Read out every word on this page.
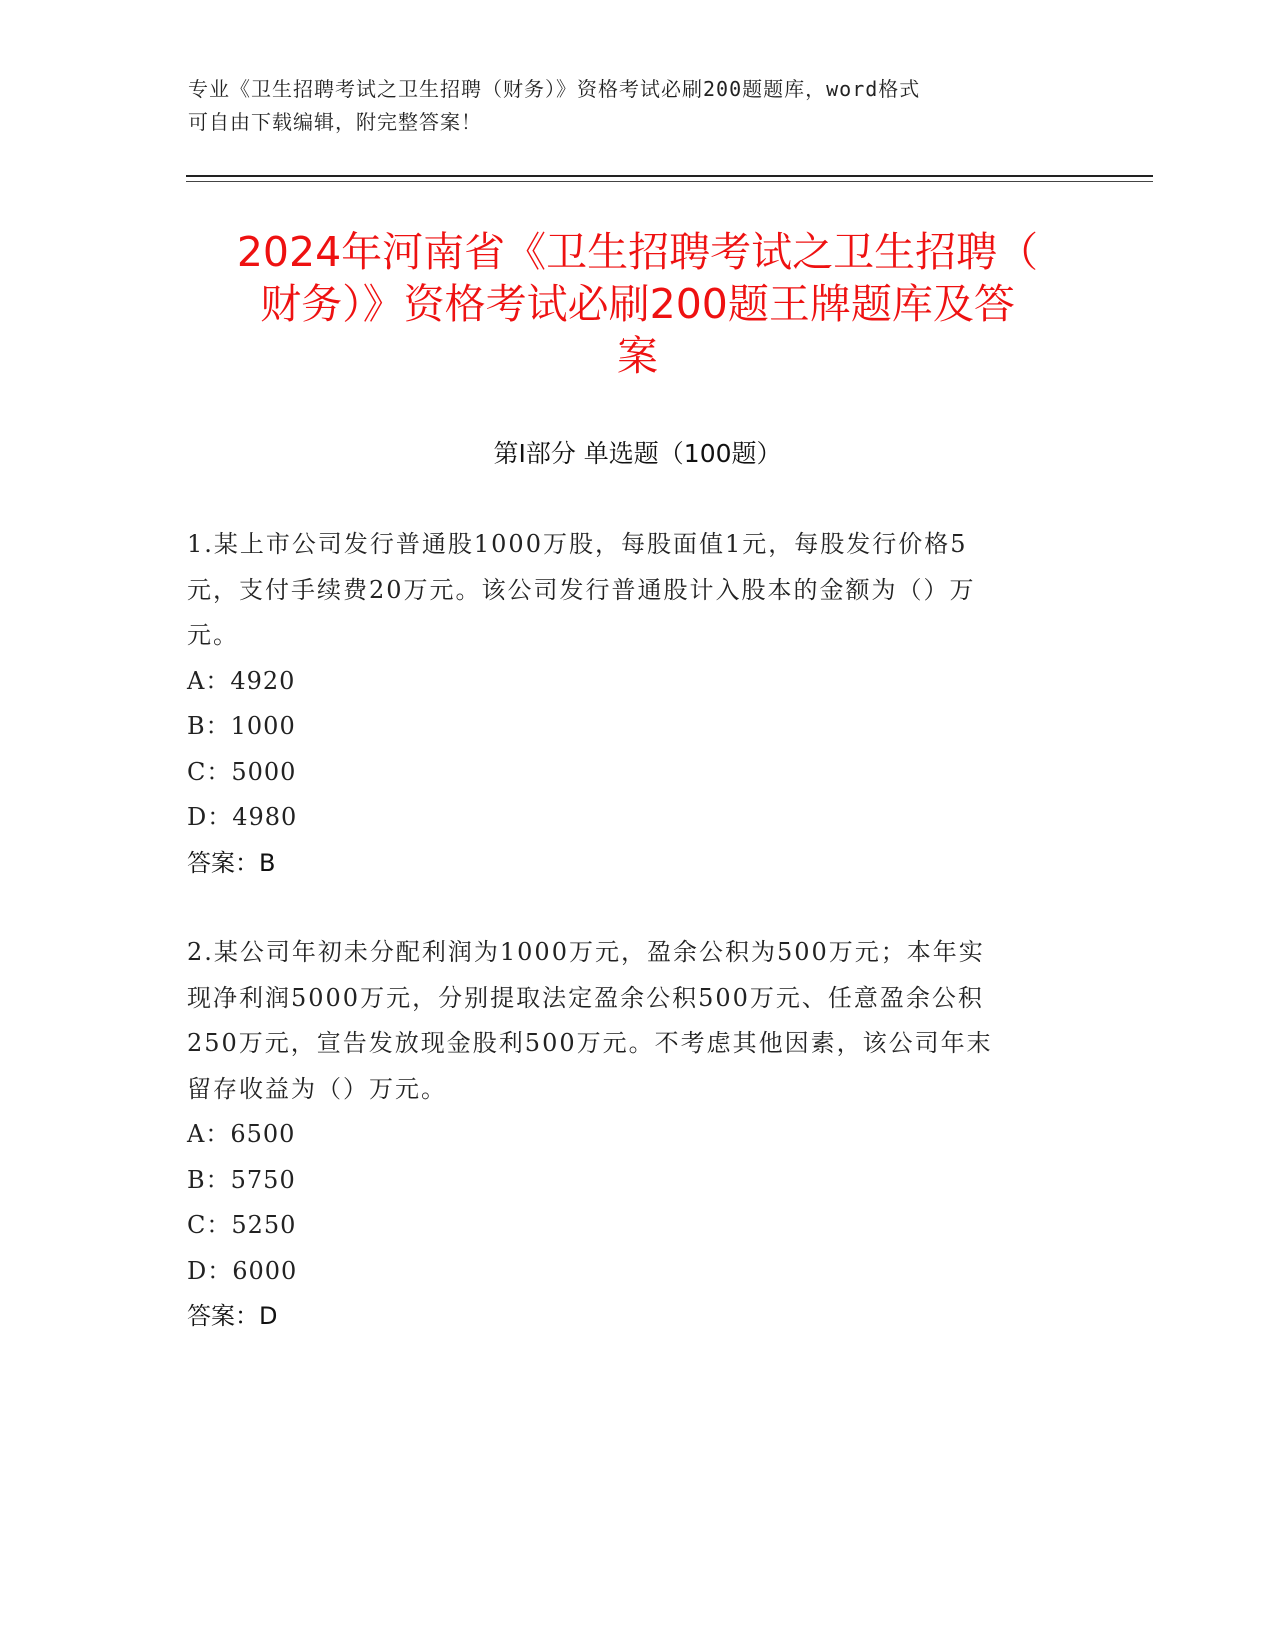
专业《卫生招聘考试之卫生招聘（财务）》资格考试必刷200题题库，word格式
可自由下载编辑，附完整答案！
2024年河南省《卫生招聘考试之卫生招聘（
财务）》资格考试必刷200题王牌题库及答
案
第Ⅰ部分 单选题（100题）

1.某上市公司发行普通股1000万股，每股面值1元，每股发行价格5

元，支付手续费20万元。该公司发行普通股计入股本的金额为（）万

元。

A：4920

B：1000

C：5000

D：4980

答案：B

2.某公司年初未分配利润为1000万元，盈余公积为500万元；本年实

现净利润5000万元，分别提取法定盈余公积500万元、任意盈余公积

250万元，宣告发放现金股利500万元。不考虑其他因素，该公司年末

留存收益为（）万元。

A：6500

B：5750

C：5250

D：6000

答案：D
